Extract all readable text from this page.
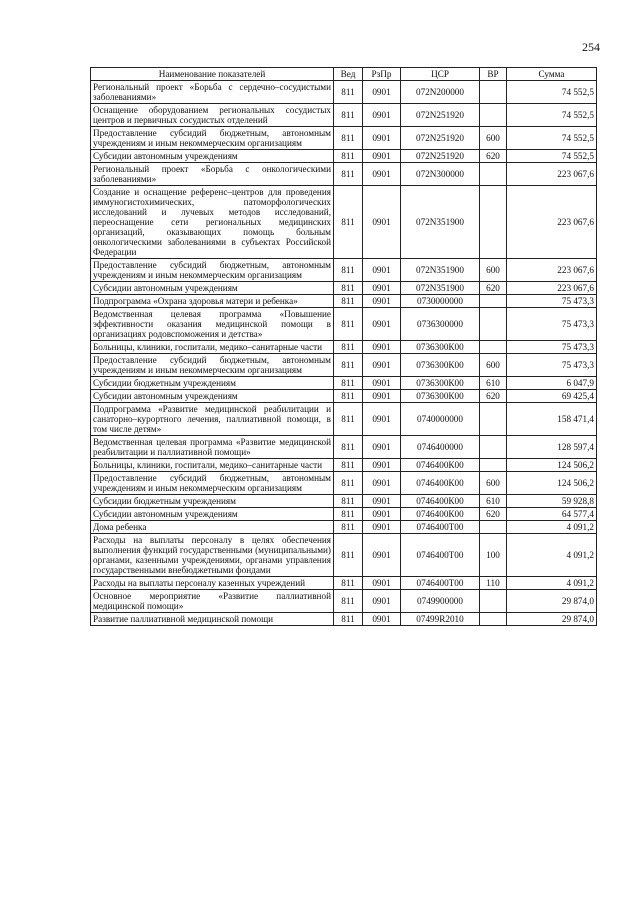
254
Наименование показателей	Вед	РзПр	ЦСР	ВР	Сумма
Региональный проект «Борьба с сердечно–сосудистыми заболеваниями»	811	0901	072N200000		74 552,5
Оснащение оборудованием региональных сосудистых центров и первичных сосудистых отделений	811	0901	072N251920		74 552,5
Предоставление субсидий бюджетным, автономным учреждениям и иным некоммерческим организациям	811	0901	072N251920	600	74 552,5
Субсидии автономным учреждениям	811	0901	072N251920	620	74 552,5
Региональный проект «Борьба с онкологическими заболеваниями»	811	0901	072N300000		223 067,6
Создание и оснащение референс–центров для проведения иммуногистохимических, патоморфологических исследований и лучевых методов исследований, переоснащение сети региональных медицинских организаций, оказывающих помощь больным онкологическими заболеваниями в субъектах Российской Федерации	811	0901	072N351900		223 067,6
Предоставление субсидий бюджетным, автономным учреждениям и иным некоммерческим организациям	811	0901	072N351900	600	223 067,6
Субсидии автономным учреждениям	811	0901	072N351900	620	223 067,6
Подпрограмма «Охрана здоровья матери и ребенка»	811	0901	0730000000		75 473,3
Ведомственная целевая программа «Повышение эффективности оказания медицинской помощи в организациях родовспоможения и детства»	811	0901	0736300000		75 473,3
Больницы, клиники, госпитали, медико–санитарные части	811	0901	0736300К00		75 473,3
Предоставление субсидий бюджетным, автономным учреждениям и иным некоммерческим организациям	811	0901	0736300К00	600	75 473,3
Субсидии бюджетным учреждениям	811	0901	0736300К00	610	6 047,9
Субсидии автономным учреждениям	811	0901	0736300К00	620	69 425,4
Подпрограмма «Развитие медицинской реабилитации и санаторно–курортного лечения, паллиативной помощи, в том числе детям»	811	0901	0740000000		158 471,4
Ведомственная целевая программа «Развитие медицинской реабилитации и паллиативной помощи»	811	0901	0746400000		128 597,4
Больницы, клиники, госпитали, медико–санитарные части	811	0901	0746400К00		124 506,2
Предоставление субсидий бюджетным, автономным учреждениям и иным некоммерческим организациям	811	0901	0746400К00	600	124 506,2
Субсидии бюджетным учреждениям	811	0901	0746400К00	610	59 928,8
Субсидии автономным учреждениям	811	0901	0746400К00	620	64 577,4
Дома ребенка	811	0901	0746400Т00		4 091,2
Расходы на выплаты персоналу в целях обеспечения выполнения функций государственными (муниципальными) органами, казенными учреждениями, органами управления государственными внебюджетными фондами	811	0901	0746400Т00	100	4 091,2
Расходы на выплаты персоналу казенных учреждений	811	0901	0746400Т00	110	4 091,2
Основное мероприятие «Развитие паллиативной медицинской помощи»	811	0901	0749900000		29 874,0
Развитие паллиативной медицинской помощи	811	0901	07499R2010		29 874,0
